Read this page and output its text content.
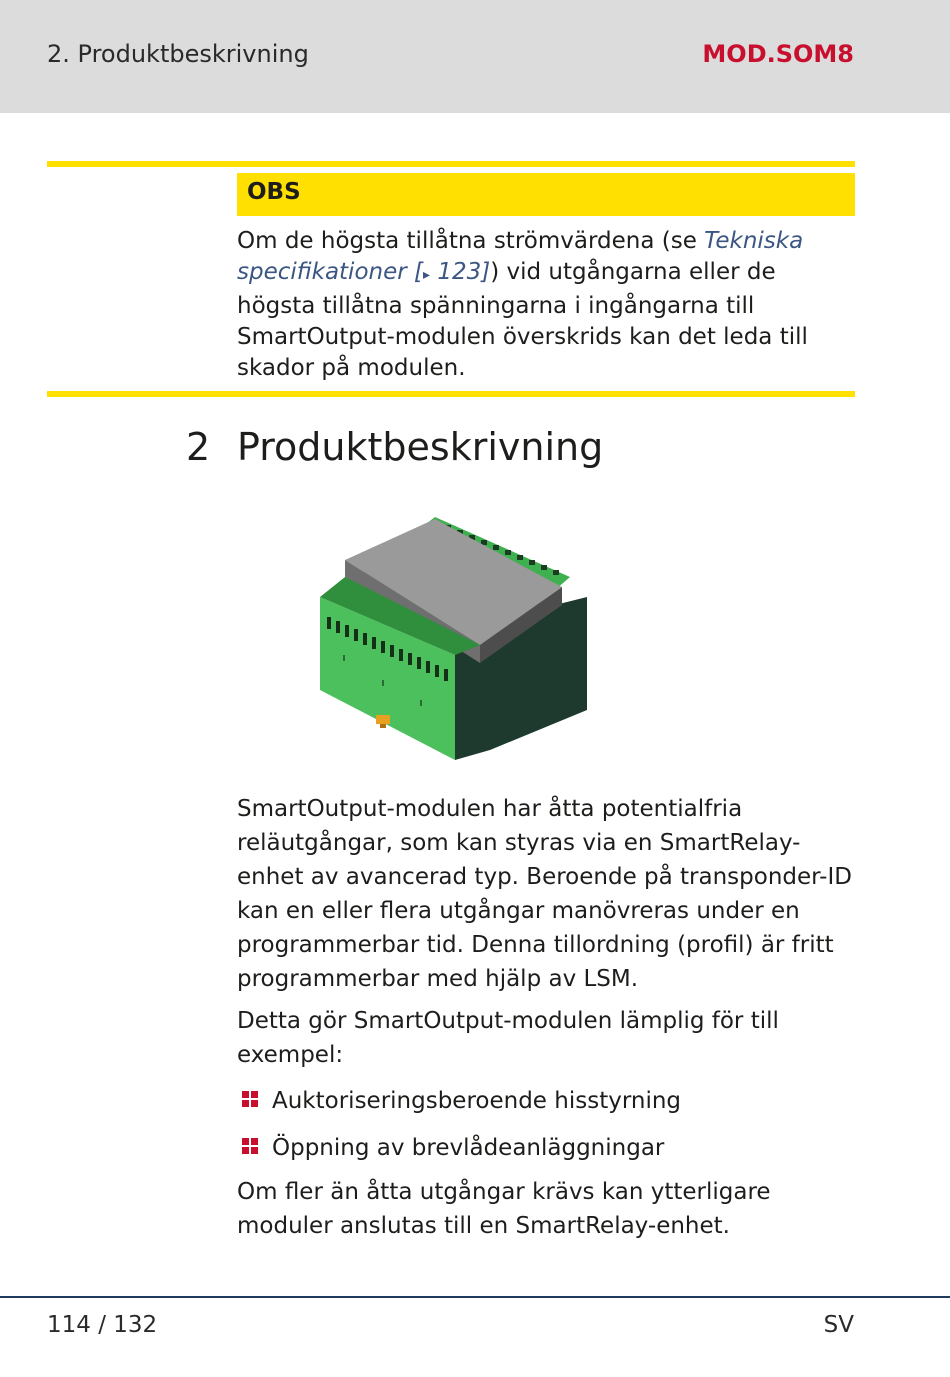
2. Produktbeskrivning	MOD.SOM8
OBS
Om de högsta tillåtna strömvärdena (se Tekniska specifikationer [▸ 123]) vid utgångarna eller de högsta tillåtna spänningarna i ingångarna till SmartOutput-modulen överskrids kan det leda till skador på modulen.
2 Produktbeskrivning

SmartOutput-modulen har åtta potentialfria reläutgångar, som kan styras via en SmartRelay-enhet av avancerad typ. Beroende på transponder-ID kan en eller flera utgångar manövreras under en programmerbar tid. Denna tillordning (profil) är fritt programmerbar med hjälp av LSM.

Detta gör SmartOutput-modulen lämplig för till exempel:

Auktoriseringsberoende hisstyrning
Öppning av brevlådeanläggningar

Om fler än åtta utgångar krävs kan ytterligare moduler anslutas till en SmartRelay-enhet.

114 / 132	SV
